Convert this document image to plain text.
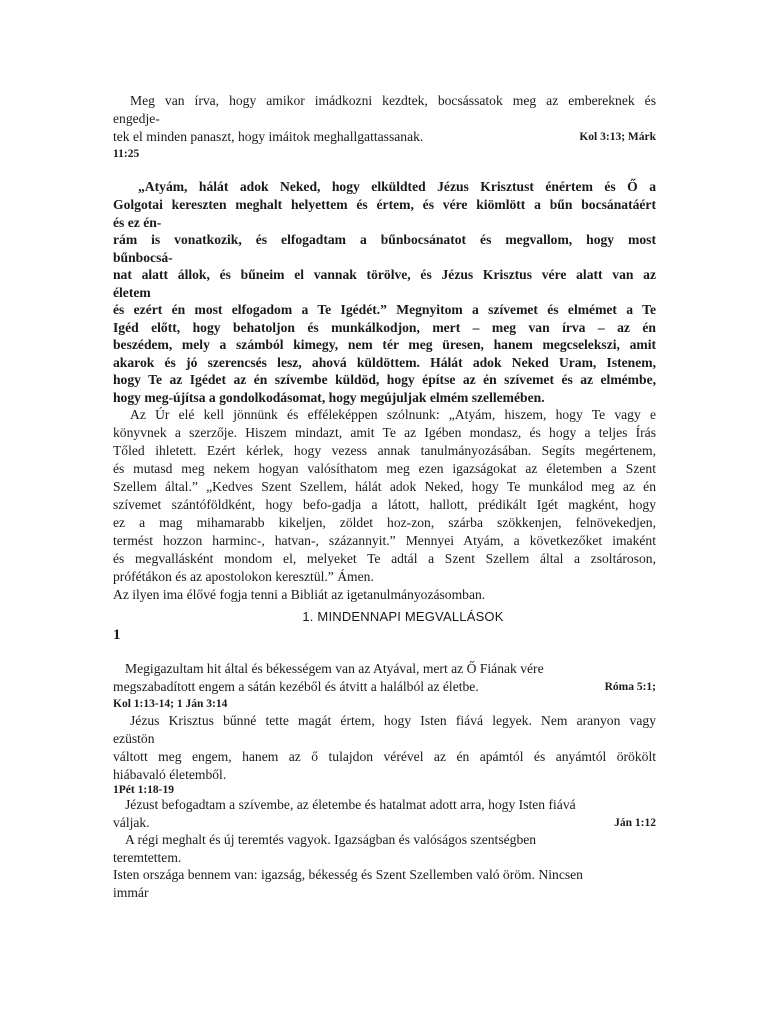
Meg van írva, hogy amikor imádkozni kezdtek, bocsássatok meg az embereknek és
engedje-
tek el minden panaszt, hogy imáitok meghallgattassanak.	Kol 3:13; Márk
11:25
„Atyám, hálát adok Neked, hogy elküldted Jézus Krisztust énértem és Ő a
Golgotai kereszten meghalt helyettem és értem, és vére kiömlött a bűn bocsánatáért
és ez én-
rám is vonatkozik, és elfogadtam a bűnbocsánatot és megvallom, hogy most
bűnbocsá-
nat alatt állok, és bűneim el vannak törölve, és Jézus Krisztus vére alatt van az
életem
és ezért én most elfogadom a Te Igédét.” Megnyitom a szívemet és elmémet a Te
Igéd előtt, hogy behatoljon és munkálkodjon, mert – meg van írva – az én
beszédem, mely a számból kimegy, nem tér meg üresen, hanem megcselekszi, amit
akarok és jó szerencsés lesz, ahová küldöttem. Hálát adok Neked Uram, Istenem,
hogy Te az Igédet az én szívembe küldöd, hogy építse az én szívemet és az elmémbe,
hogy meg-újítsa a gondolkodásomat, hogy megújuljak elmém szellemében.
Az Úr elé kell jönnünk és efféleképpen szólnunk: „Atyám, hiszem, hogy Te vagy e
könyvnek a szerzője. Hiszem mindazt, amit Te az Igében mondasz, és hogy a teljes Írás
Tőled ihletett. Ezért kérlek, hogy vezess annak tanulmányozásában. Segíts megértenem,
és mutasd meg nekem hogyan valósíthatom meg ezen igazságokat az életemben a Szent
Szellem által.” „Kedves Szent Szellem, hálát adok Neked, hogy Te munkálod meg az én
szívemet szántóföldként, hogy befo-gadja a látott, hallott, prédikált Igét magként, hogy
ez a mag mihamarabb kikeljen, zöldet hoz-zon, szárba szökkenjen, felnövekedjen,
termést hozzon harminc-, hatvan-, százannyit.” Mennyei Atyám, a következőket imaként
és megvallásként mondom el, melyeket Te adtál a Szent Szellem által a zsoltároson,
prófétákon és az apostolokon keresztül.” Ámen.
Az ilyen ima élővé fogja tenni a Bibliát az igetanulmányozásomban.
1. MINDENNAPI MEGVALLÁSOK
1
Megigazultam hit által és békességem van az Atyával, mert az Ő Fiának vére
megszabadított engem a sátán kezéből és átvitt a halálból az életbe.	Róma 5:1;
Kol 1:13-14; 1 Ján 3:14
Jézus Krisztus bűnné tette magát értem, hogy Isten fiává legyek. Nem aranyon vagy
ezüstön
váltott meg engem, hanem az ő tulajdon vérével az én apámtól és anyámtól örökölt
hiábavaló életemből.
1Pét 1:18-19
Jézust befogadtam a szívembe, az életembe és hatalmat adott arra, hogy Isten fiává
váljak.	Ján 1:12
A régi meghalt és új teremtés vagyok. Igazságban és valóságos szentségben
teremtettem.
Isten országa bennem van: igazság, békesség és Szent Szellemben való öröm. Nincsen
immár
